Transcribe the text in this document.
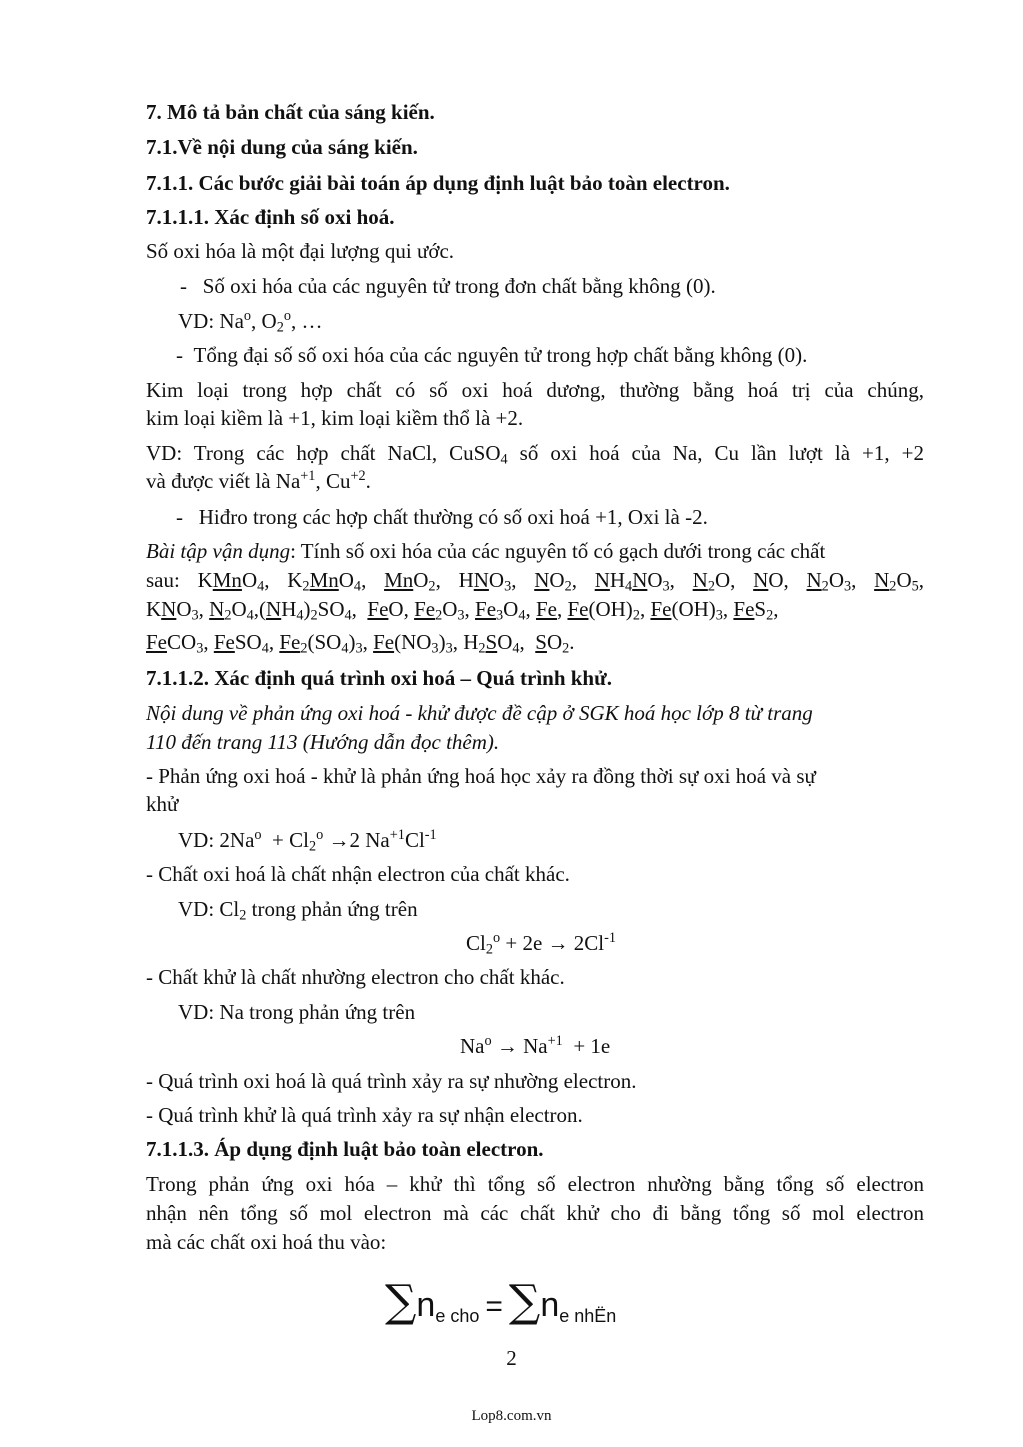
7. Mô tả bản chất của sáng kiến.
7.1.Về nội dung của sáng kiến.
7.1.1. Các bước giải bài toán áp dụng định luật bảo toàn electron.
7.1.1.1. Xác định số oxi hoá.
Số oxi hóa là một đại lượng qui ước.
-   Số oxi hóa của các nguyên tử trong đơn chất bằng không (0).
VD: Na$^o$, $O_2^o$, …
-  Tổng đại số số oxi hóa của các nguyên tử trong hợp chất bằng không (0).
Kim loại trong hợp chất có số oxi hoá dương, thường bằng hoá trị của chúng,
kim loại kiềm là +1, kim loại kiềm thổ là +2.
VD: Trong các hợp chất NaCl, CuSO$_4$ số oxi hoá của Na, Cu lần lượt là +1, +2
và được viết là $Na^{+1}$, $Cu^{+2}$.
-   Hiđro trong các hợp chất thường có số oxi hoá +1, Oxi là -2.
Bài tập vận dụng: Tính số oxi hóa của các nguyên tố có gạch dưới trong các chất
sau: KMnO$_4$, $K_2MnO_4$, MnO$_2$, $HNO_3$, $NO_2$, $NH_4NO_3$, $N_2O$, NO, $N_2O_3$, $N_2O_5$,
$KNO_3$, $N_2O_4,(NH_4)_2SO_4$,  FeO, $Fe_2O_3$, $Fe_3O_4$, Fe, $Fe(OH)_2$, $Fe(OH)_3$, FeS$_2$,
FeCO$_3$, FeSO$_4$, $Fe_2(SO_4)_3$, $Fe(NO_3)_3$, $H_2SO_4$,  $SO_2$.
7.1.1.2. Xác định quá trình oxi hoá – Quá trình khử.
Nội dung về phản ứng oxi hoá - khử được đề cập ở SGK hoá học lớp 8 từ trang
110 đến trang 113 (Hướng dẫn đọc thêm).
- Phản ứng oxi hoá - khử là phản ứng hoá học xảy ra đồng thời sự oxi hoá và sự
khử
VD: $2Na^o + Cl_2^o \to 2$ $Na^{+1}Cl^{-1}$
- Chất oxi hoá là chất nhận electron của chất khác.
VD: $Cl_2$ trong phản ứng trên
$Cl_2^o + 2e \to 2Cl^{-1}$
- Chất khử là chất nhường electron cho chất khác.
VD: Na trong phản ứng trên
$Na^o \to Na^{+1} + 1e$
- Quá trình oxi hoá là quá trình xảy ra sự nhường electron.
- Quá trình khử là quá trình xảy ra sự nhận electron.
7.1.1.3. Áp dụng định luật bảo toàn electron.
Trong phản ứng oxi hóa – khử thì tổng số electron nhường bằng tổng số electron
nhận nên tổng số mol electron mà các chất khử cho đi bằng tổng số mol electron
mà các chất oxi hoá thu vào:
∑ne cho = ∑ne nhËn
2
Lop8.com.vn
